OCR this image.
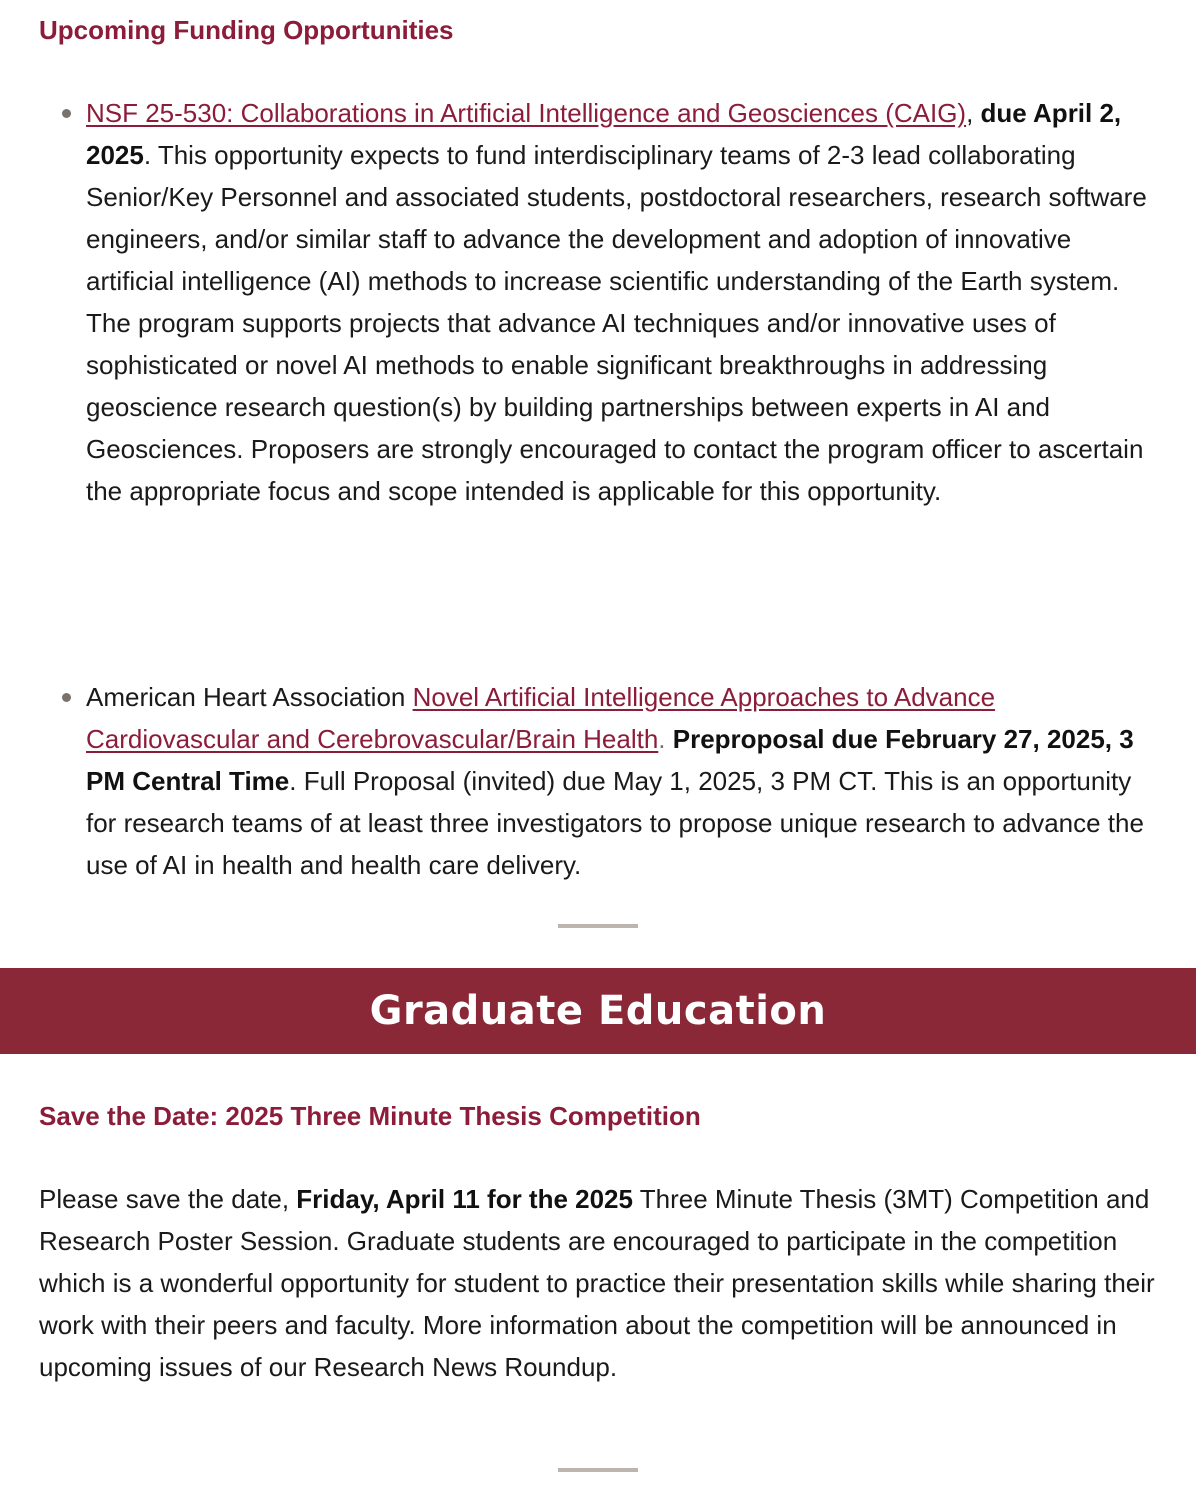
Upcoming Funding Opportunities
NSF 25-530: Collaborations in Artificial Intelligence and Geosciences (CAIG), due April 2, 2025. This opportunity expects to fund interdisciplinary teams of 2-3 lead collaborating Senior/Key Personnel and associated students, postdoctoral researchers, research software engineers, and/or similar staff to advance the development and adoption of innovative artificial intelligence (AI) methods to increase scientific understanding of the Earth system. The program supports projects that advance AI techniques and/or innovative uses of sophisticated or novel AI methods to enable significant breakthroughs in addressing geoscience research question(s) by building partnerships between experts in AI and Geosciences. Proposers are strongly encouraged to contact the program officer to ascertain the appropriate focus and scope intended is applicable for this opportunity.
American Heart Association Novel Artificial Intelligence Approaches to Advance Cardiovascular and Cerebrovascular/Brain Health. Preproposal due February 27, 2025, 3 PM Central Time. Full Proposal (invited) due May 1, 2025, 3 PM CT. This is an opportunity for research teams of at least three investigators to propose unique research to advance the use of AI in health and health care delivery.
Graduate Education
Save the Date: 2025 Three Minute Thesis Competition

Please save the date, Friday, April 11 for the 2025 Three Minute Thesis (3MT) Competition and Research Poster Session. Graduate students are encouraged to participate in the competition which is a wonderful opportunity for student to practice their presentation skills while sharing their work with their peers and faculty. More information about the competition will be announced in upcoming issues of our Research News Roundup.
